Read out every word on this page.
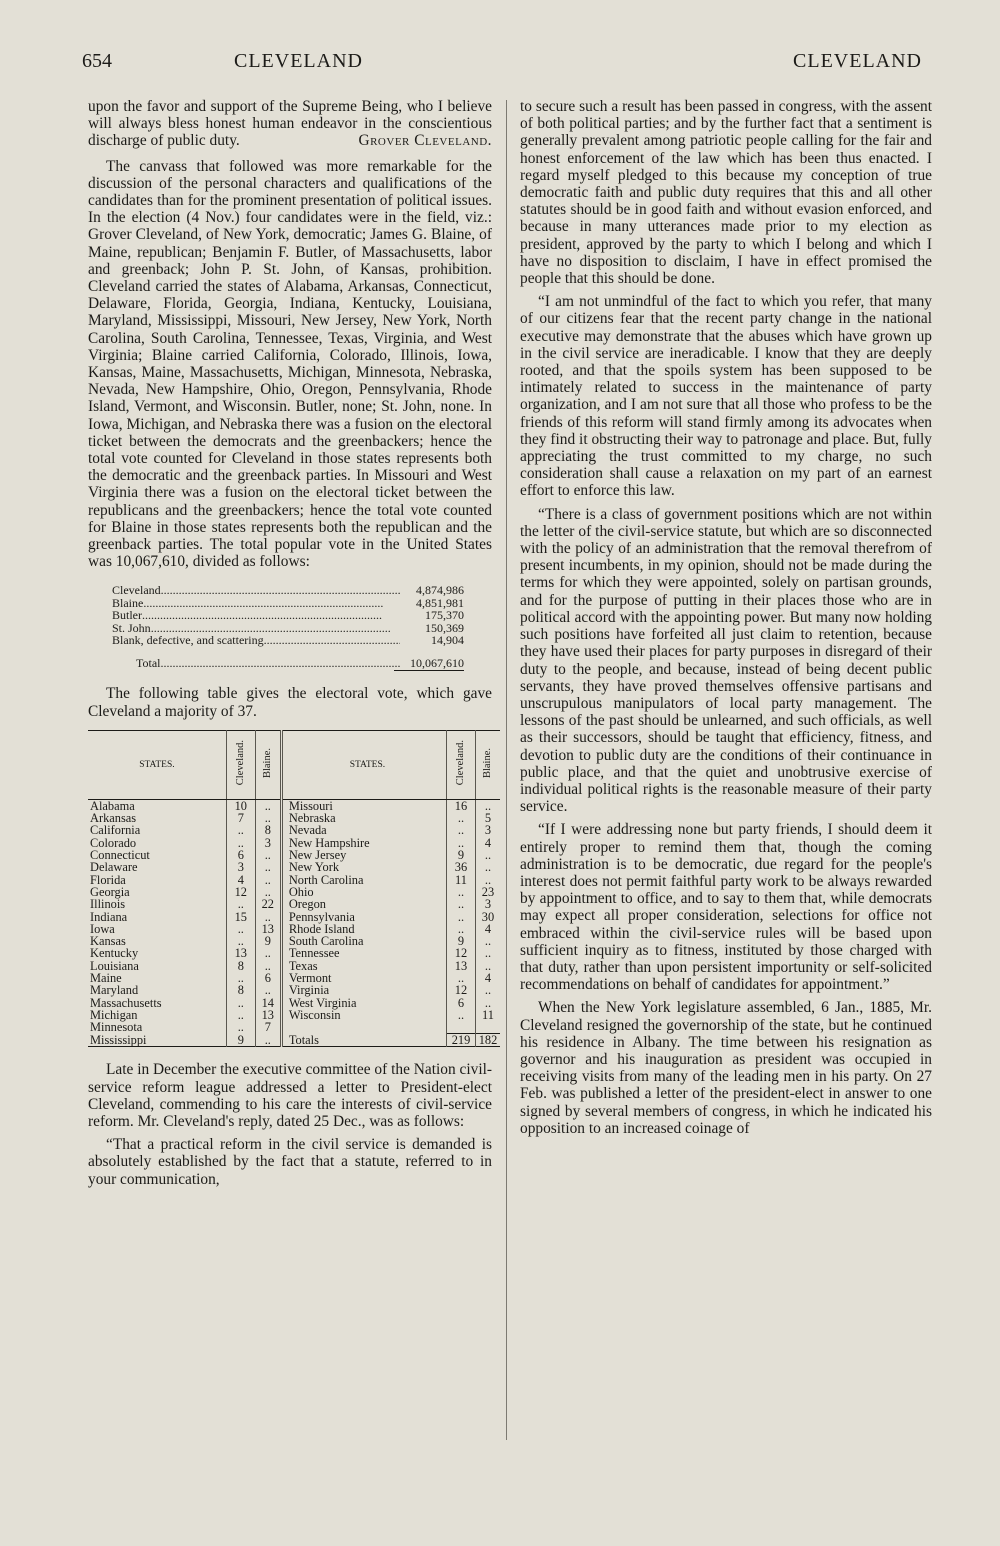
654	CLEVELAND	CLEVELAND

upon the favor and support of the Supreme Being, who I believe will always bless honest human endeavor in the conscientious discharge of public duty.	Grover Cleveland.

The canvass that followed was more remarkable for the discussion of the personal characters and qualifications of the candidates than for the prominent presentation of political issues. In the election (4 Nov.) four candidates were in the field, viz.: Grover Cleveland, of New York, democratic; James G. Blaine, of Maine, republican; Benjamin F. Butler, of Massachusetts, labor and greenback; John P. St. John, of Kansas, prohibition. Cleveland carried the states of Alabama, Arkansas, Connecticut, Delaware, Florida, Georgia, Indiana, Kentucky, Louisiana, Maryland, Mississippi, Missouri, New Jersey, New York, North Carolina, South Carolina, Tennessee, Texas, Virginia, and West Virginia; Blaine carried California, Colorado, Illinois, Iowa, Kansas, Maine, Massachusetts, Michigan, Minnesota, Nebraska, Nevada, New Hampshire, Ohio, Oregon, Pennsylvania, Rhode Island, Vermont, and Wisconsin. Butler, none; St. John, none. In Iowa, Michigan, and Nebraska there was a fusion on the electoral ticket between the democrats and the greenbackers; hence the total vote counted for Cleveland in those states represents both the democratic and the greenback parties. In Missouri and West Virginia there was a fusion on the electoral ticket between the republicans and the greenbackers; hence the total vote counted for Blaine in those states represents both the republican and the greenback parties. The total popular vote in the United States was 10,067,610, divided as follows:

Cleveland .....	4,874,986
Blaine .....	4,851,981
Butler .....	175,370
St. John .....	150,369
Blank, defective, and scattering .....	14,904
Total .....	10,067,610

The following table gives the electoral vote, which gave Cleveland a majority of 37.

STATES.	Cleveland.	Blaine.	STATES.	Cleveland.	Blaine.
Alabama	10	..	Missouri	16	..
Arkansas	7	..	Nebraska	..	5
California	..	8	Nevada	..	3
Colorado	..	3	New Hampshire	..	4
Connecticut	6	..	New Jersey	9	..
Delaware	3	..	New York	36	..
Florida	4	..	North Carolina	11	..
Georgia	12	..	Ohio	..	23
Illinois	..	22	Oregon	..	3
Indiana	15	..	Pennsylvania	..	30
Iowa	..	13	Rhode Island	..	4
Kansas	..	9	South Carolina	9	..
Kentucky	13	..	Tennessee	12	..
Louisiana	8	..	Texas	13	..
Maine	..	6	Vermont	..	4
Maryland	8	..	Virginia	12	..
Massachusetts	..	14	West Virginia	6	..
Michigan	..	13	Wisconsin	..	11
Minnesota	..	7			
Mississippi	9	..	Totals	219	182

Late in December the executive committee of the Nation civil-service reform league addressed a letter to President-elect Cleveland, commending to his care the interests of civil-service reform. Mr. Cleveland's reply, dated 25 Dec., was as follows:

“That a practical reform in the civil service is demanded is absolutely established by the fact that a statute, referred to in your communication,

to secure such a result has been passed in congress, with the assent of both political parties; and by the further fact that a sentiment is generally prevalent among patriotic people calling for the fair and honest enforcement of the law which has been thus enacted. I regard myself pledged to this because my conception of true democratic faith and public duty requires that this and all other statutes should be in good faith and without evasion enforced, and because in many utterances made prior to my election as president, approved by the party to which I belong and which I have no disposition to disclaim, I have in effect promised the people that this should be done.

“I am not unmindful of the fact to which you refer, that many of our citizens fear that the recent party change in the national executive may demonstrate that the abuses which have grown up in the civil service are ineradicable. I know that they are deeply rooted, and that the spoils system has been supposed to be intimately related to success in the maintenance of party organization, and I am not sure that all those who profess to be the friends of this reform will stand firmly among its advocates when they find it obstructing their way to patronage and place. But, fully appreciating the trust committed to my charge, no such consideration shall cause a relaxation on my part of an earnest effort to enforce this law.

“There is a class of government positions which are not within the letter of the civil-service statute, but which are so disconnected with the policy of an administration that the removal therefrom of present incumbents, in my opinion, should not be made during the terms for which they were appointed, solely on partisan grounds, and for the purpose of putting in their places those who are in political accord with the appointing power. But many now holding such positions have forfeited all just claim to retention, because they have used their places for party purposes in disregard of their duty to the people, and because, instead of being decent public servants, they have proved themselves offensive partisans and unscrupulous manipulators of local party management. The lessons of the past should be unlearned, and such officials, as well as their successors, should be taught that efficiency, fitness, and devotion to public duty are the conditions of their continuance in public place, and that the quiet and unobtrusive exercise of individual political rights is the reasonable measure of their party service.

“If I were addressing none but party friends, I should deem it entirely proper to remind them that, though the coming administration is to be democratic, due regard for the people's interest does not permit faithful party work to be always rewarded by appointment to office, and to say to them that, while democrats may expect all proper consideration, selections for office not embraced within the civil-service rules will be based upon sufficient inquiry as to fitness, instituted by those charged with that duty, rather than upon persistent importunity or self-solicited recommendations on behalf of candidates for appointment.”

When the New York legislature assembled, 6 Jan., 1885, Mr. Cleveland resigned the governorship of the state, but he continued his residence in Albany. The time between his resignation as governor and his inauguration as president was occupied in receiving visits from many of the leading men in his party. On 27 Feb. was published a letter of the president-elect in answer to one signed by several members of congress, in which he indicated his opposition to an increased coinage of
